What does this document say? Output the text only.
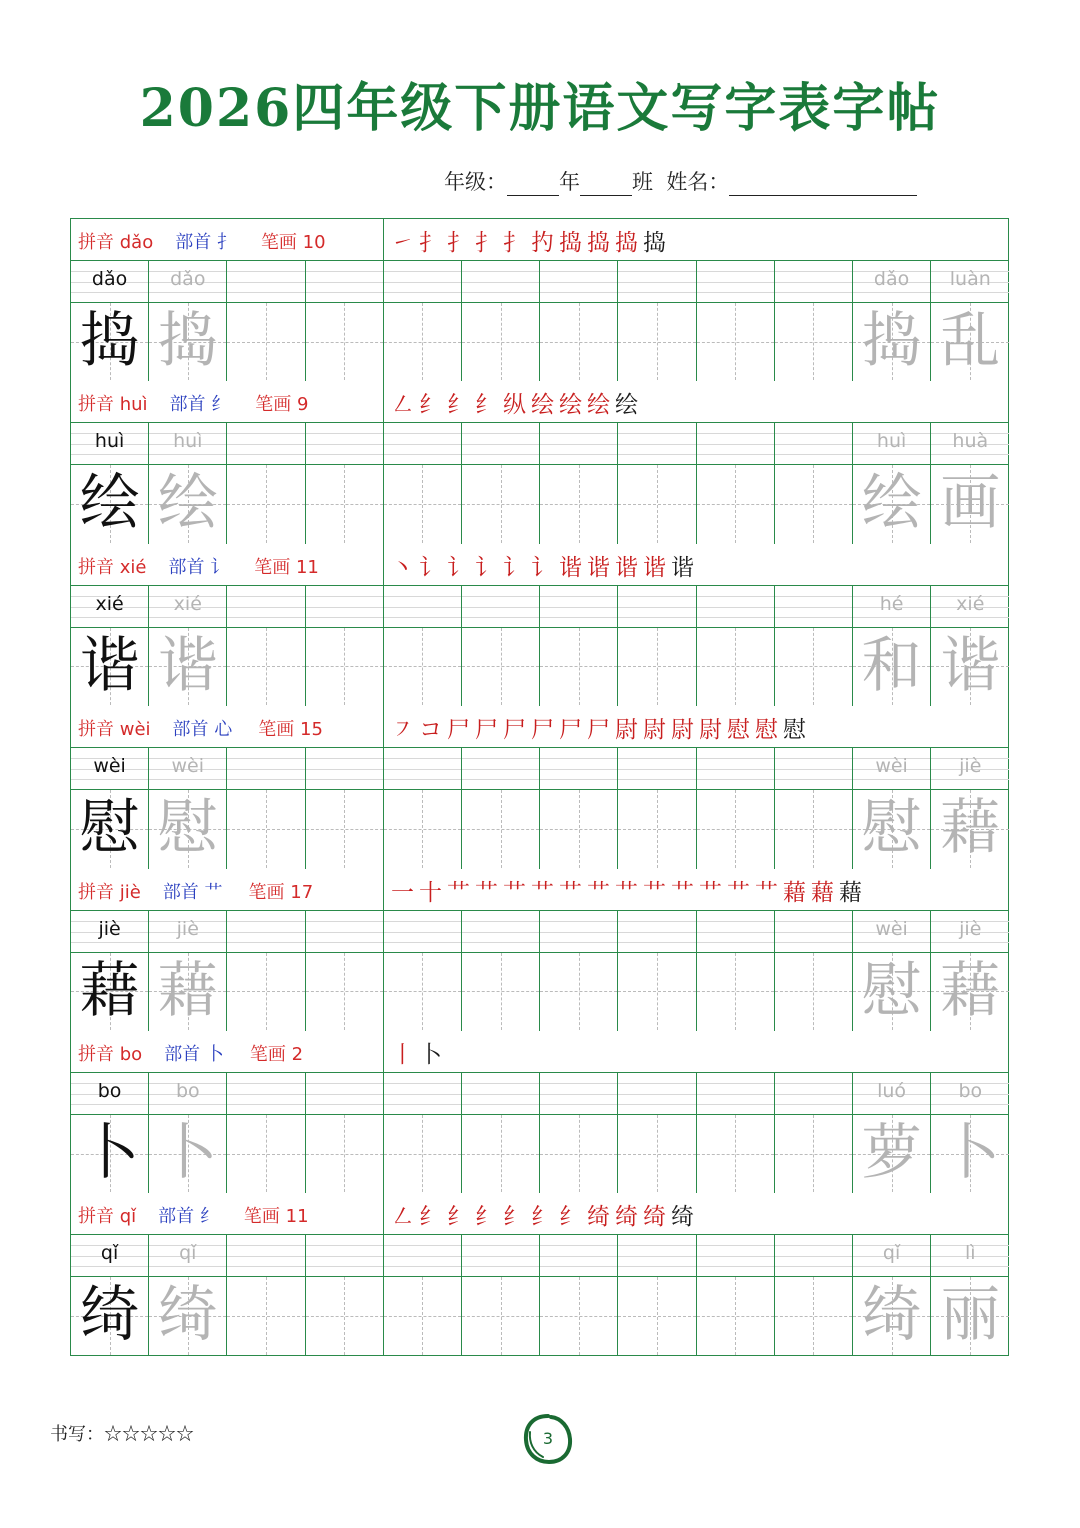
2026四年级下册语文写字表字帖
年级： 年 班 姓名：
拼音 dǎo 部首 扌 笔画 10	㇀扌扌扌扌扚捣捣捣捣
dǎo
捣
dǎo
捣
dǎo
捣
luàn
乱
拼音 huì 部首 纟 笔画 9	㇜纟纟纟纵绘绘绘绘
huì
绘
huì
绘
huì
绘
huà
画
拼音 xié 部首 讠 笔画 11	丶讠讠讠讠讠谐谐谐谐谐
xié
谐
xié
谐
hé
和
xié
谐
拼音 wèi 部首 心 笔画 15	㇇コ尸尸尸尸尸尸尉尉尉尉慰慰慰
wèi
慰
wèi
慰
wèi
慰
jiè
藉
拼音 jiè 部首 艹 笔画 17	一十艹艹艹艹艹艹艹艹艹艹艹艹藉藉藉
jiè
藉
jiè
藉
wèi
慰
jiè
藉
拼音 bo 部首 卜 笔画 2	丨卜
bo
卜
bo
卜
luó
萝
bo
卜
拼音 qǐ 部首 纟 笔画 11	㇜纟纟纟纟纟纟绮绮绮绮
qǐ
绮
qǐ
绮
qǐ
绮
lì
丽
书写：☆☆☆☆☆	3
